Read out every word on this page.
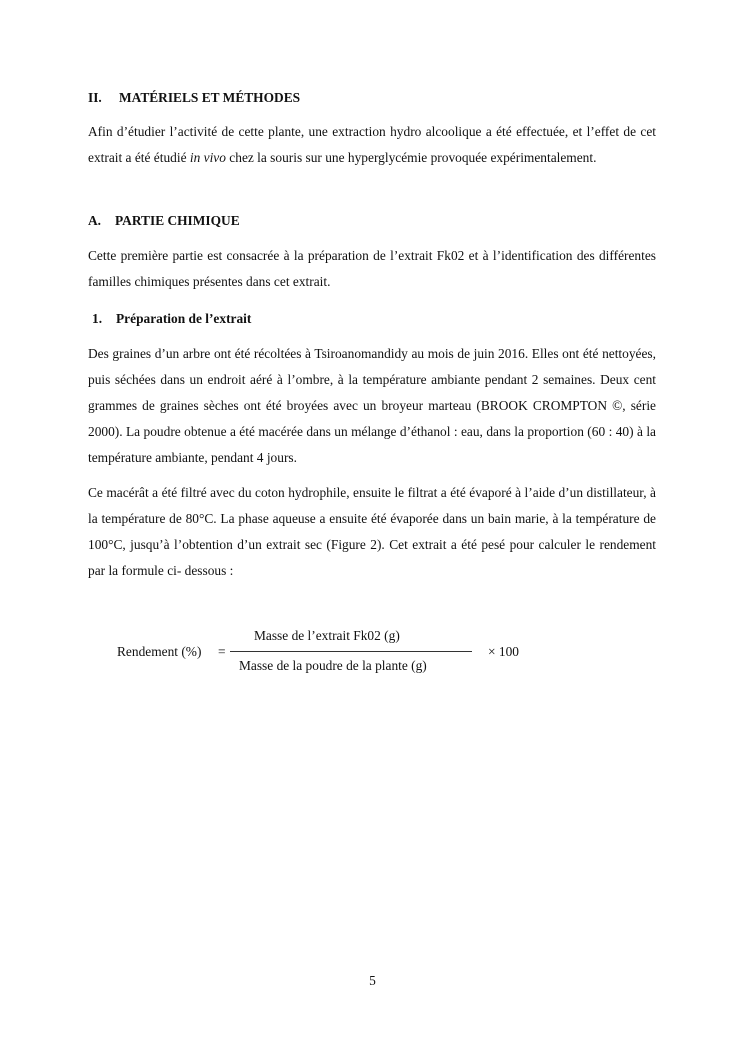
II. MATÉRIELS ET MÉTHODES

Afin d’étudier l’activité de cette plante, une extraction hydro alcoolique a été effectuée, et l’effet de cet extrait a été étudié in vivo chez la souris sur une hyperglycémie provoquée expérimentalement.

A. PARTIE CHIMIQUE

Cette première partie est consacrée à la préparation de l’extrait Fk02 et à l’identification des différentes familles chimiques présentes dans cet extrait.

1. Préparation de l’extrait

Des graines d’un arbre ont été récoltées à Tsiroanomandidy au mois de juin 2016. Elles ont été nettoyées, puis séchées dans un endroit aéré à l’ombre, à la température ambiante pendant 2 semaines. Deux cent grammes de graines sèches ont été broyées avec un broyeur marteau (BROOK CROMPTON ©, série 2000). La poudre obtenue a été macérée dans un mélange d’éthanol : eau, dans la proportion (60 : 40) à la température ambiante, pendant 4 jours.

Ce macérât a été filtré avec du coton hydrophile, ensuite le filtrat a été évaporé à l’aide d’un distillateur, à la température de 80°C. La phase aqueuse a ensuite été évaporée dans un bain marie, à la température de 100°C, jusqu’à l’obtention d’un extrait sec (Figure 2). Cet extrait a été pesé pour calculer le rendement par la formule ci- dessous :

Rendement (%) =
Masse de l’extrait Fk02 (g)
Masse de la poudre de la plante (g)
× 100
5
